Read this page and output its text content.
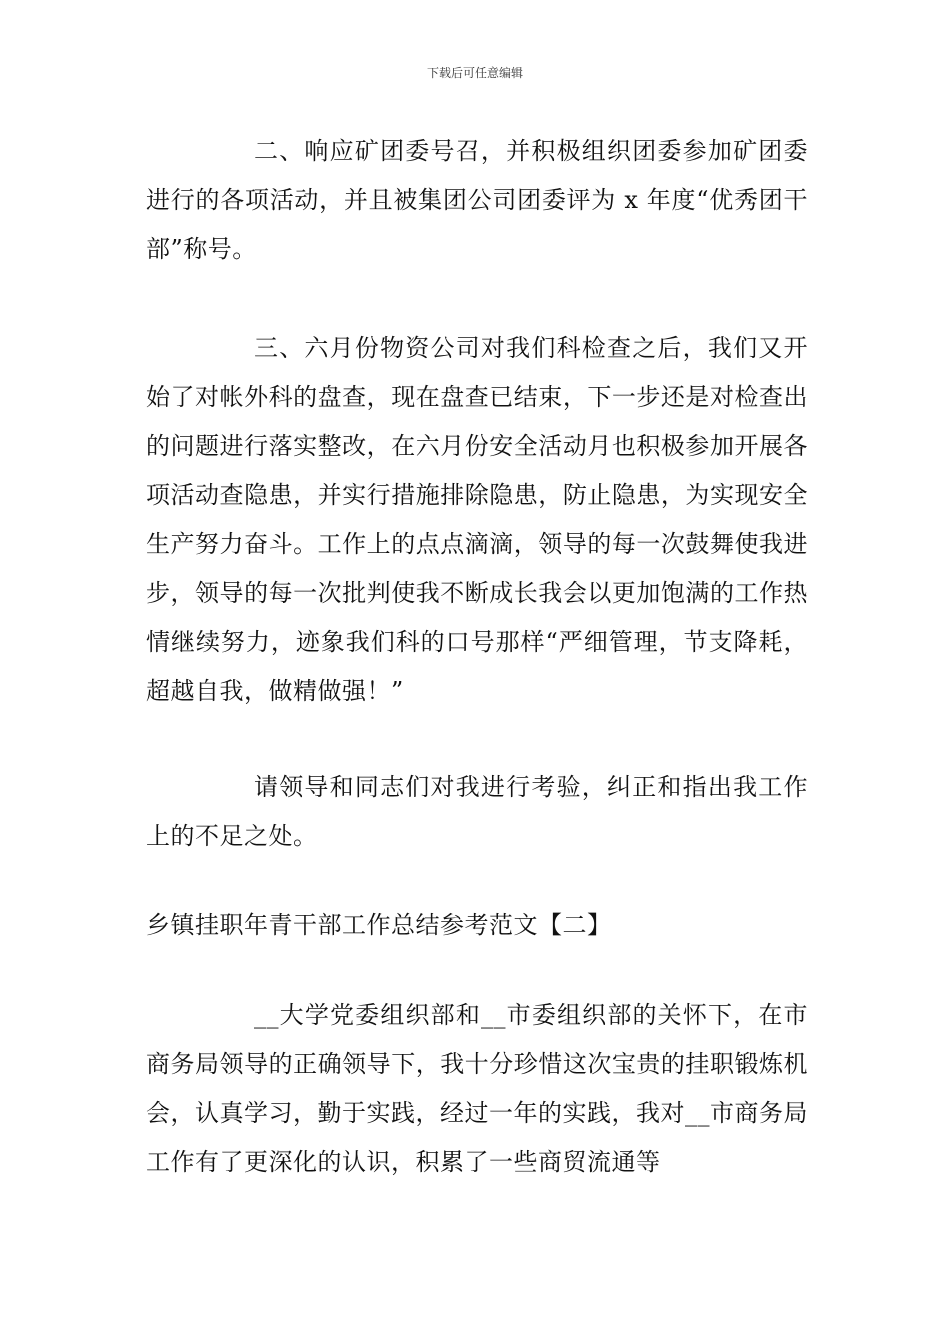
下载后可任意编辑

二、响应矿团委号召，并积极组织团委参加矿团委进行的各项活动，并且被集团公司团委评为 x 年度“优秀团干部”称号。

三、六月份物资公司对我们科检查之后，我们又开始了对帐外科的盘查，现在盘查已结束，下一步还是对检查出的问题进行落实整改，在六月份安全活动月也积极参加开展各项活动查隐患，并实行措施排除隐患，防止隐患，为实现安全生产努力奋斗。工作上的点点滴滴，领导的每一次鼓舞使我进步，领导的每一次批判使我不断成长我会以更加饱满的工作热情继续努力，迹象我们科的口号那样“严细管理，节支降耗，超越自我，做精做强！”

请领导和同志们对我进行考验，纠正和指出我工作上的不足之处。

乡镇挂职年青干部工作总结参考范文【二】

__大学党委组织部和__市委组织部的关怀下，在市商务局领导的正确领导下，我十分珍惜这次宝贵的挂职锻炼机会，认真学习，勤于实践，经过一年的实践，我对__市商务局工作有了更深化的认识，积累了一些商贸流通等
